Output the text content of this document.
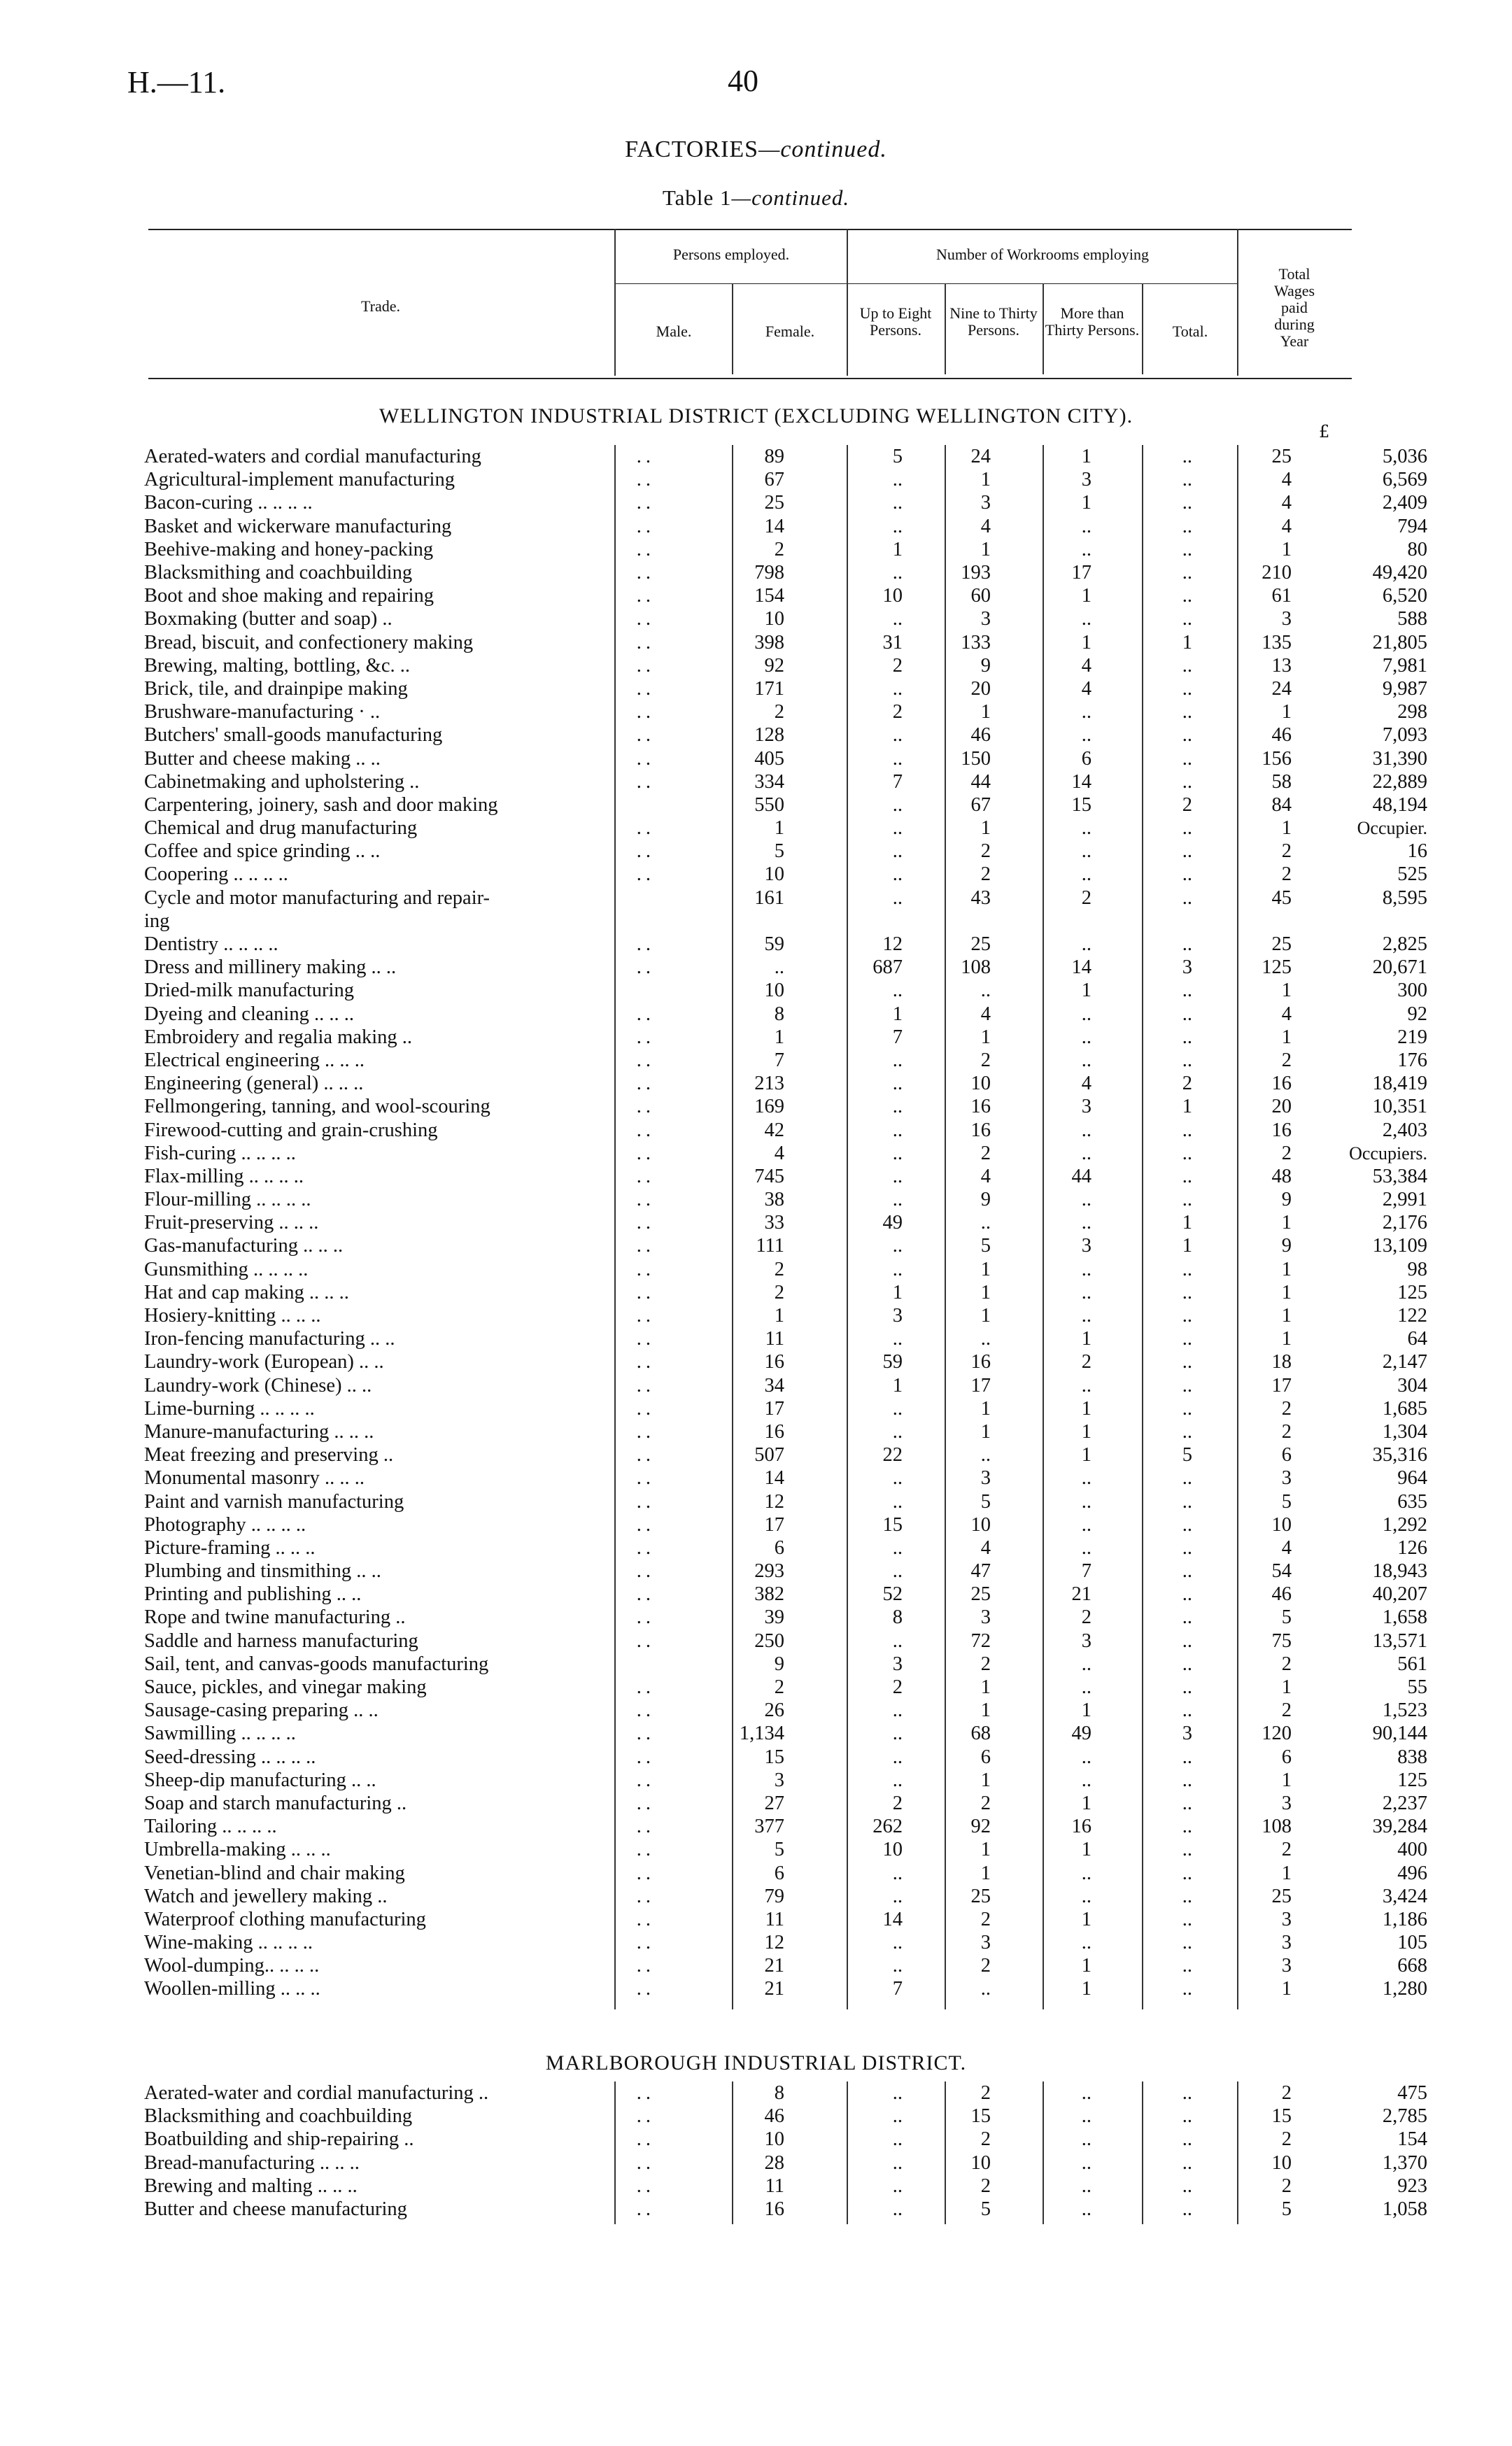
H.—11.	40
FACTORIES—continued.
Table 1—continued.
Trade.
Persons employed.
Male.	Female.
Number of Workrooms employing
Up to Eight Persons.
Nine to Thirty Persons.
More than Thirty Persons.	Total.
Total Wages paid during Year
WELLINGTON INDUSTRIAL DISTRICT (EXCLUDING WELLINGTON CITY).
£
Aerated-waters and cordial manufacturing	..	89	5	24	1	..	25	5,036
Agricultural-implement manufacturing	..	67	..	1	3	..	4	6,569
Bacon-curing .. .. .. ..	..	25	..	3	1	..	4	2,409
Basket and wickerware manufacturing	..	14	..	4	..	..	4	794
Beehive-making and honey-packing	..	2	1	1	..	..	1	80
Blacksmithing and coachbuilding	..	798	..	193	17	..	210	49,420
Boot and shoe making and repairing	..	154	10	60	1	..	61	6,520
Boxmaking (butter and soap) ..	..	10	..	3	..	..	3	588
Bread, biscuit, and confectionery making	..	398	31	133	1	1	135	21,805
Brewing, malting, bottling, &c. ..	..	92	2	9	4	..	13	7,981
Brick, tile, and drainpipe making	..	171	..	20	4	..	24	9,987
Brushware-manufacturing · ..	..	2	2	1	..	..	1	298
Butchers' small-goods manufacturing	..	128	..	46	..	..	46	7,093
Butter and cheese making .. ..	..	405	..	150	6	..	156	31,390
Cabinetmaking and upholstering ..	..	334	7	44	14	..	58	22,889
Carpentering, joinery, sash and door making		550	..	67	15	2	84	48,194
Chemical and drug manufacturing	..	1	..	1	..	..	1	Occupier.
Coffee and spice grinding .. ..	..	5	..	2	..	..	2	16
Coopering .. .. .. ..	..	10	..	2	..	..	2	525
Cycle and motor manufacturing and repair-		161	..	43	2	..	45	8,595
ing								
Dentistry .. .. .. ..	..	59	12	25	..	..	25	2,825
Dress and millinery making .. ..	..	..	687	108	14	3	125	20,671
Dried-milk manufacturing		10	..	..	1	..	1	300
Dyeing and cleaning .. .. ..	..	8	1	4	..	..	4	92
Embroidery and regalia making ..	..	1	7	1	..	..	1	219
Electrical engineering .. .. ..	..	7	..	2	..	..	2	176
Engineering (general) .. .. ..	..	213	..	10	4	2	16	18,419
Fellmongering, tanning, and wool-scouring	..	169	..	16	3	1	20	10,351
Firewood-cutting and grain-crushing	..	42	..	16	..	..	16	2,403
Fish-curing .. .. .. ..	..	4	..	2	..	..	2	Occupiers.
Flax-milling .. .. .. ..	..	745	..	4	44	..	48	53,384
Flour-milling .. .. .. ..	..	38	..	9	..	..	9	2,991
Fruit-preserving .. .. ..	..	33	49	..	..	1	1	2,176
Gas-manufacturing .. .. ..	..	111	..	5	3	1	9	13,109
Gunsmithing .. .. .. ..	..	2	..	1	..	..	1	98
Hat and cap making .. .. ..	..	2	1	1	..	..	1	125
Hosiery-knitting .. .. ..	..	1	3	1	..	..	1	122
Iron-fencing manufacturing .. ..	..	11	..	..	1	..	1	64
Laundry-work (European) .. ..	..	16	59	16	2	..	18	2,147
Laundry-work (Chinese) .. ..	..	34	1	17	..	..	17	304
Lime-burning .. .. .. ..	..	17	..	1	1	..	2	1,685
Manure-manufacturing .. .. ..	..	16	..	1	1	..	2	1,304
Meat freezing and preserving ..	..	507	22	..	1	5	6	35,316
Monumental masonry .. .. ..	..	14	..	3	..	..	3	964
Paint and varnish manufacturing	..	12	..	5	..	..	5	635
Photography .. .. .. ..	..	17	15	10	..	..	10	1,292
Picture-framing .. .. ..	..	6	..	4	..	..	4	126
Plumbing and tinsmithing .. ..	..	293	..	47	7	..	54	18,943
Printing and publishing .. ..	..	382	52	25	21	..	46	40,207
Rope and twine manufacturing ..	..	39	8	3	2	..	5	1,658
Saddle and harness manufacturing	..	250	..	72	3	..	75	13,571
Sail, tent, and canvas-goods manufacturing		9	3	2	..	..	2	561
Sauce, pickles, and vinegar making	..	2	2	1	..	..	1	55
Sausage-casing preparing .. ..	..	26	..	1	1	..	2	1,523
Sawmilling .. .. .. ..	..	1,134	..	68	49	3	120	90,144
Seed-dressing .. .. .. ..	..	15	..	6	..	..	6	838
Sheep-dip manufacturing .. ..	..	3	..	1	..	..	1	125
Soap and starch manufacturing ..	..	27	2	2	1	..	3	2,237
Tailoring .. .. .. ..	..	377	262	92	16	..	108	39,284
Umbrella-making .. .. ..	..	5	10	1	1	..	2	400
Venetian-blind and chair making	..	6	..	1	..	..	1	496
Watch and jewellery making ..	..	79	..	25	..	..	25	3,424
Waterproof clothing manufacturing	..	11	14	2	1	..	3	1,186
Wine-making .. .. .. ..	..	12	..	3	..	..	3	105
Wool-dumping.. .. .. ..	..	21	..	2	1	..	3	668
Woollen-milling .. .. ..	..	21	7	..	1	..	1	1,280
MARLBOROUGH INDUSTRIAL DISTRICT.
Aerated-water and cordial manufacturing ..	..	8	..	2	..	..	2	475
Blacksmithing and coachbuilding	..	46	..	15	..	..	15	2,785
Boatbuilding and ship-repairing ..	..	10	..	2	..	..	2	154
Bread-manufacturing .. .. ..	..	28	..	10	..	..	10	1,370
Brewing and malting .. .. ..	..	11	..	2	..	..	2	923
Butter and cheese manufacturing	..	16	..	5	..	..	5	1,058
